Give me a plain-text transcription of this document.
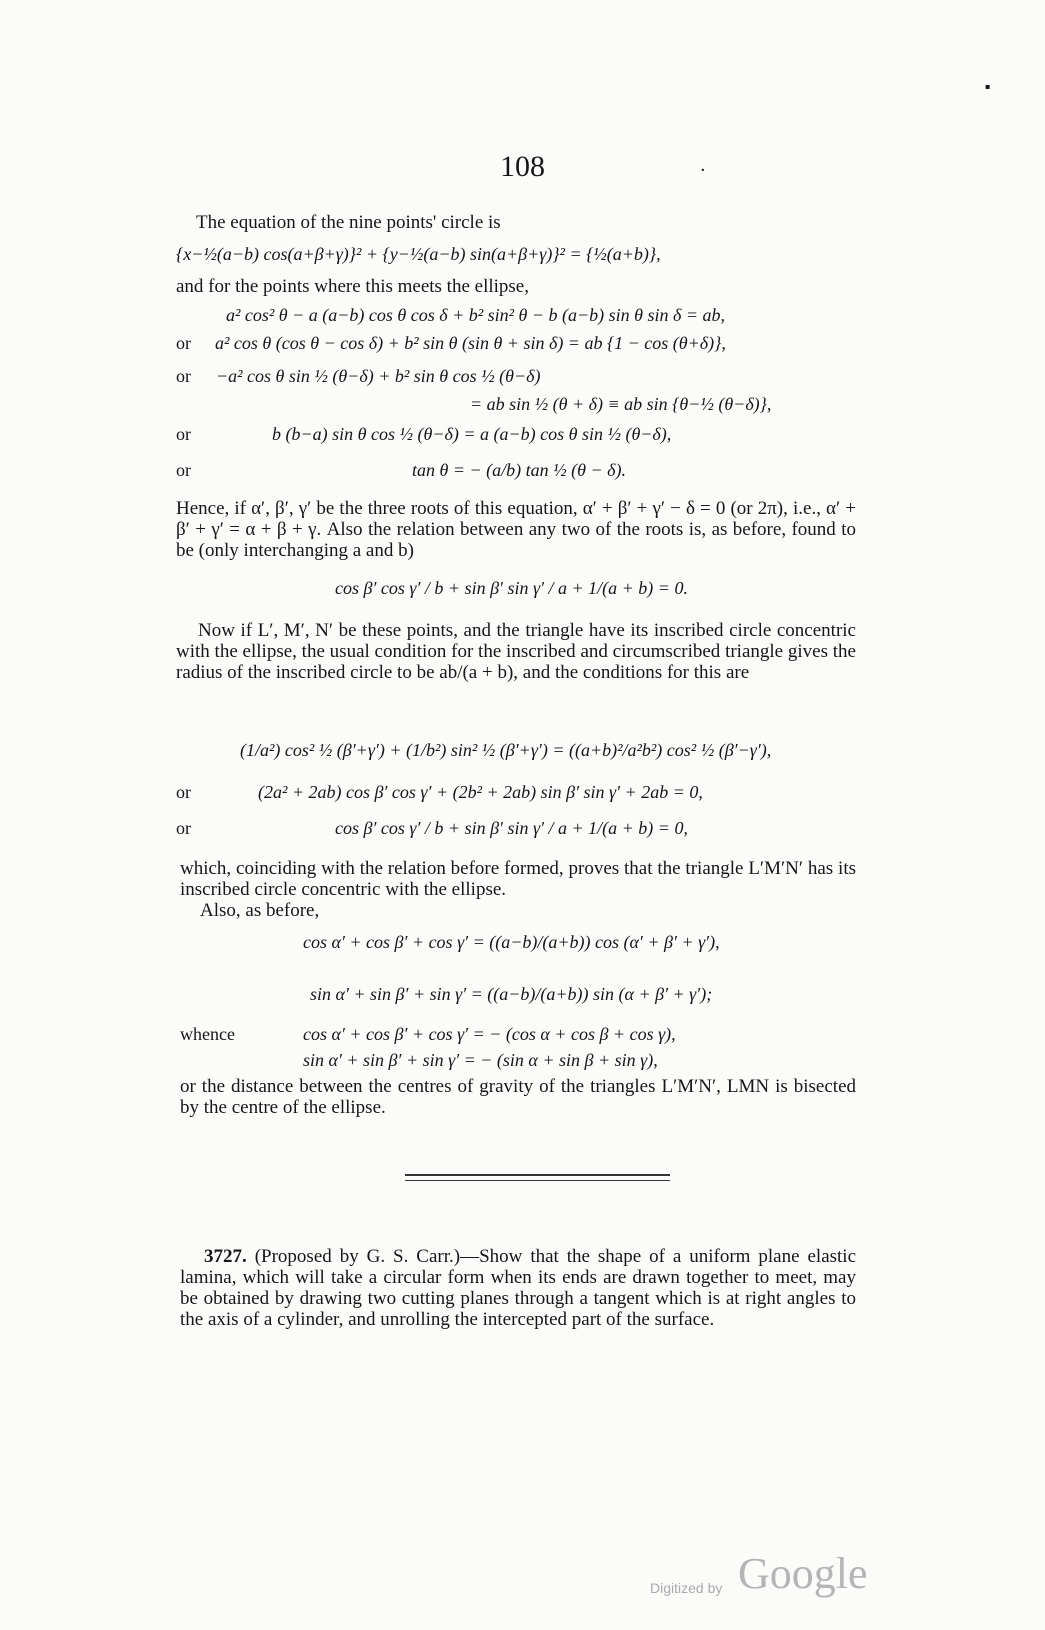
▪
108	·
The equation of the nine points' circle is
{x−½(a−b) cos(a+β+γ)}² + {y−½(a−b) sin(a+β+γ)}² = {½(a+b)},
and for the points where this meets the ellipse,
a² cos² θ − a (a−b) cos θ cos δ + b² sin² θ − b (a−b) sin θ sin δ = ab,
or a² cos θ (cos θ − cos δ) + b² sin θ (sin θ + sin δ) = ab {1 − cos (θ+δ)},
or −a² cos θ sin ½ (θ−δ) + b² sin θ cos ½ (θ−δ)
= ab sin ½ (θ + δ) ≡ ab sin {θ−½ (θ−δ)},
or	b (b−a) sin θ cos ½ (θ−δ) = a (a−b) cos θ sin ½ (θ−δ),
or	tan θ = − (a/b) tan ½ (θ − δ).
Hence, if α′, β′, γ′ be the three roots of this equation, α′ + β′ + γ′ − δ = 0 (or 2π), i.e., α′ + β′ + γ′ = α + β + γ. Also the relation between any two of the roots is, as before, found to be (only interchanging a and b)
cos β′ cos γ′ / b + sin β′ sin γ′ / a + 1/(a + b) = 0.
Now if L′, M′, N′ be these points, and the triangle have its inscribed circle concentric with the ellipse, the usual condition for the inscribed and circumscribed triangle gives the radius of the inscribed circle to be ab/(a + b), and the conditions for this are
(1/a²) cos² ½ (β′+γ′) + (1/b²) sin² ½ (β′+γ′) = ((a+b)²/a²b²) cos² ½ (β′−γ′),
or	(2a² + 2ab) cos β′ cos γ′ + (2b² + 2ab) sin β′ sin γ′ + 2ab = 0,
or	cos β′ cos γ′ / b + sin β′ sin γ′ / a + 1/(a + b) = 0,
which, coinciding with the relation before formed, proves that the triangle L′M′N′ has its inscribed circle concentric with the ellipse.
Also, as before,
cos α′ + cos β′ + cos γ′ = ((a−b)/(a+b)) cos (α′ + β′ + γ′),
sin α′ + sin β′ + sin γ′ = ((a−b)/(a+b)) sin (α + β′ + γ′);
whence	cos α′ + cos β′ + cos γ′ = − (cos α + cos β + cos γ),
sin α′ + sin β′ + sin γ′ = − (sin α + sin β + sin γ),
or the distance between the centres of gravity of the triangles L′M′N′, LMN is bisected by the centre of the ellipse.
3727. (Proposed by G. S. Carr.)—Show that the shape of a uniform plane elastic lamina, which will take a circular form when its ends are drawn together to meet, may be obtained by drawing two cutting planes through a tangent which is at right angles to the axis of a cylinder, and unrolling the intercepted part of the surface.
Digitized by Google
